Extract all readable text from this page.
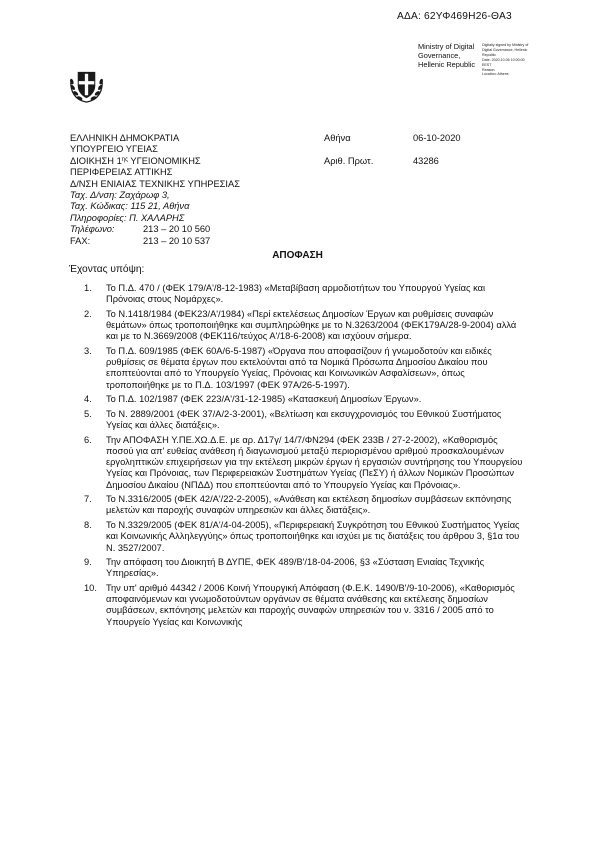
ΑΔΑ: 62ΥΦ469Η26-ΘΑ3
Ministry of Digital
Governance,
Hellenic Republic
Digitally signed by Ministry of
Digital Governance, Hellenic
Republic
Date: 2020.10.06 10:00:00
EEST
Reason:
Location: Athens
ΕΛΛΗΝΙΚΗ ΔΗΜΟΚΡΑΤΙΑ
ΥΠΟΥΡΓΕΙΟ ΥΓΕΙΑΣ
ΔΙΟΙΚΗΣΗ $1^{\eta\varsigma}$ ΥΓΕΙΟΝΟΜΙΚΗΣ
ΠΕΡΙΦΕΡΕΙΑΣ ΑΤΤΙΚΗΣ
Δ/ΝΣΗ ΕΝΙΑΙΑΣ ΤΕΧΝΙΚΗΣ ΥΠΗΡΕΣΙΑΣ
Ταχ. Δ/νση: Ζαχάρωφ 3,
Ταχ. Κώδικας: 115 21, Αθήνα
Πληροφορίες: Π. ΧΑΛΑΡΗΣ
Τηλέφωνο:	213 – 20 10 560
FAX:	213 – 20 10 537
Αθήνα	06-10-2020
Αριθ. Πρωτ.	43286
ΑΠΟΦΑΣΗ
Έχοντας υπόψη:
1.	Το Π.Δ. 470 / (ΦΕΚ 179/Α'/8-12-1983) «Μεταβίβαση αρμοδιοτήτων του Υπουργού Υγείας και Πρόνοιας στους Νομάρχες».
2.	Το Ν.1418/1984 (ΦΕΚ23/Α'/1984) «Περί εκτελέσεως Δημοσίων Έργων και ρυθμίσεις συναφών θεμάτων» όπως τροποποιήθηκε και συμπληρώθηκε με το Ν.3263/2004 (ΦΕΚ179Α/28-9-2004) αλλά και με το Ν.3669/2008 (ΦΕΚ116/τεύχος Α'/18-6-2008) και ισχύουν σήμερα.
3.	Το Π.Δ. 609/1985 (ΦΕΚ 60Α/6-5-1987) «Όργανα που αποφασίζουν ή γνωμοδοτούν και ειδικές ρυθμίσεις σε θέματα έργων που εκτελούνται από τα Νομικά Πρόσωπα Δημοσίου Δικαίου που εποπτεύονται από το Υπουργείο Υγείας, Πρόνοιας και Κοινωνικών Ασφαλίσεων», όπως τροποποιήθηκε με το Π.Δ. 103/1997 (ΦΕΚ 97Α/26-5-1997).
4.	Το Π.Δ. 102/1987 (ΦΕΚ 223/Α'/31-12-1985) «Κατασκευή Δημοσίων Έργων».
5.	Το Ν. 2889/2001 (ΦΕΚ 37/Α/2-3-2001), «Βελτίωση και εκσυγχρονισμός του Εθνικού Συστήματος Υγείας και άλλες διατάξεις».
6.	Την ΑΠΟΦΑΣΗ Υ.ΠΕ.ΧΩ.Δ.Ε. με αρ. Δ17γ/ 14/7/ΦΝ294 (ΦΕΚ 233Β / 27-2-2002), «Καθορισμός ποσού για απ' ευθείας ανάθεση ή διαγωνισμού μεταξύ περιορισμένου αριθμού προσκαλουμένων εργοληπτικών επιχειρήσεων για την εκτέλεση μικρών έργων ή εργασιών συντήρησης του Υπουργείου Υγείας και Πρόνοιας, των Περιφερειακών Συστημάτων Υγείας (ΠεΣΥ) ή άλλων Νομικών Προσώπων Δημοσίου Δικαίου (ΝΠΔΔ) που εποπτεύονται από το Υπουργείο Υγείας και Πρόνοιας».
7.	Το Ν.3316/2005 (ΦΕΚ 42/Α'/22-2-2005), «Ανάθεση και εκτέλεση δημοσίων συμβάσεων εκπόνησης μελετών και παροχής συναφών υπηρεσιών και άλλες διατάξεις».
8.	Το Ν.3329/2005 (ΦΕΚ 81/Α'/4-04-2005), «Περιφερειακή Συγκρότηση του Εθνικού Συστήματος Υγείας και Κοινωνικής Αλληλεγγύης» όπως τροποποιήθηκε και ισχύει με τις διατάξεις του άρθρου 3, §1α του Ν. 3527/2007.
9.	Την απόφαση του Διοικητή Β ΔΥΠΕ, ΦΕΚ 489/Β'/18-04-2006, §3 «Σύσταση Ενιαίας Τεχνικής Υπηρεσίας».
10. Την υπ' αριθμό 44342 / 2006 Κοινή Υπουργική Απόφαση (Φ.Ε.Κ. 1490/Β'/9-10-2006), «Καθορισμός αποφαινόμενων και γνωμοδοτούντων οργάνων σε θέματα ανάθεσης και εκτέλεσης δημοσίων συμβάσεων, εκπόνησης μελετών και παροχής συναφών υπηρεσιών του ν. 3316 / 2005 από το Υπουργείο Υγείας και Κοινωνικής
